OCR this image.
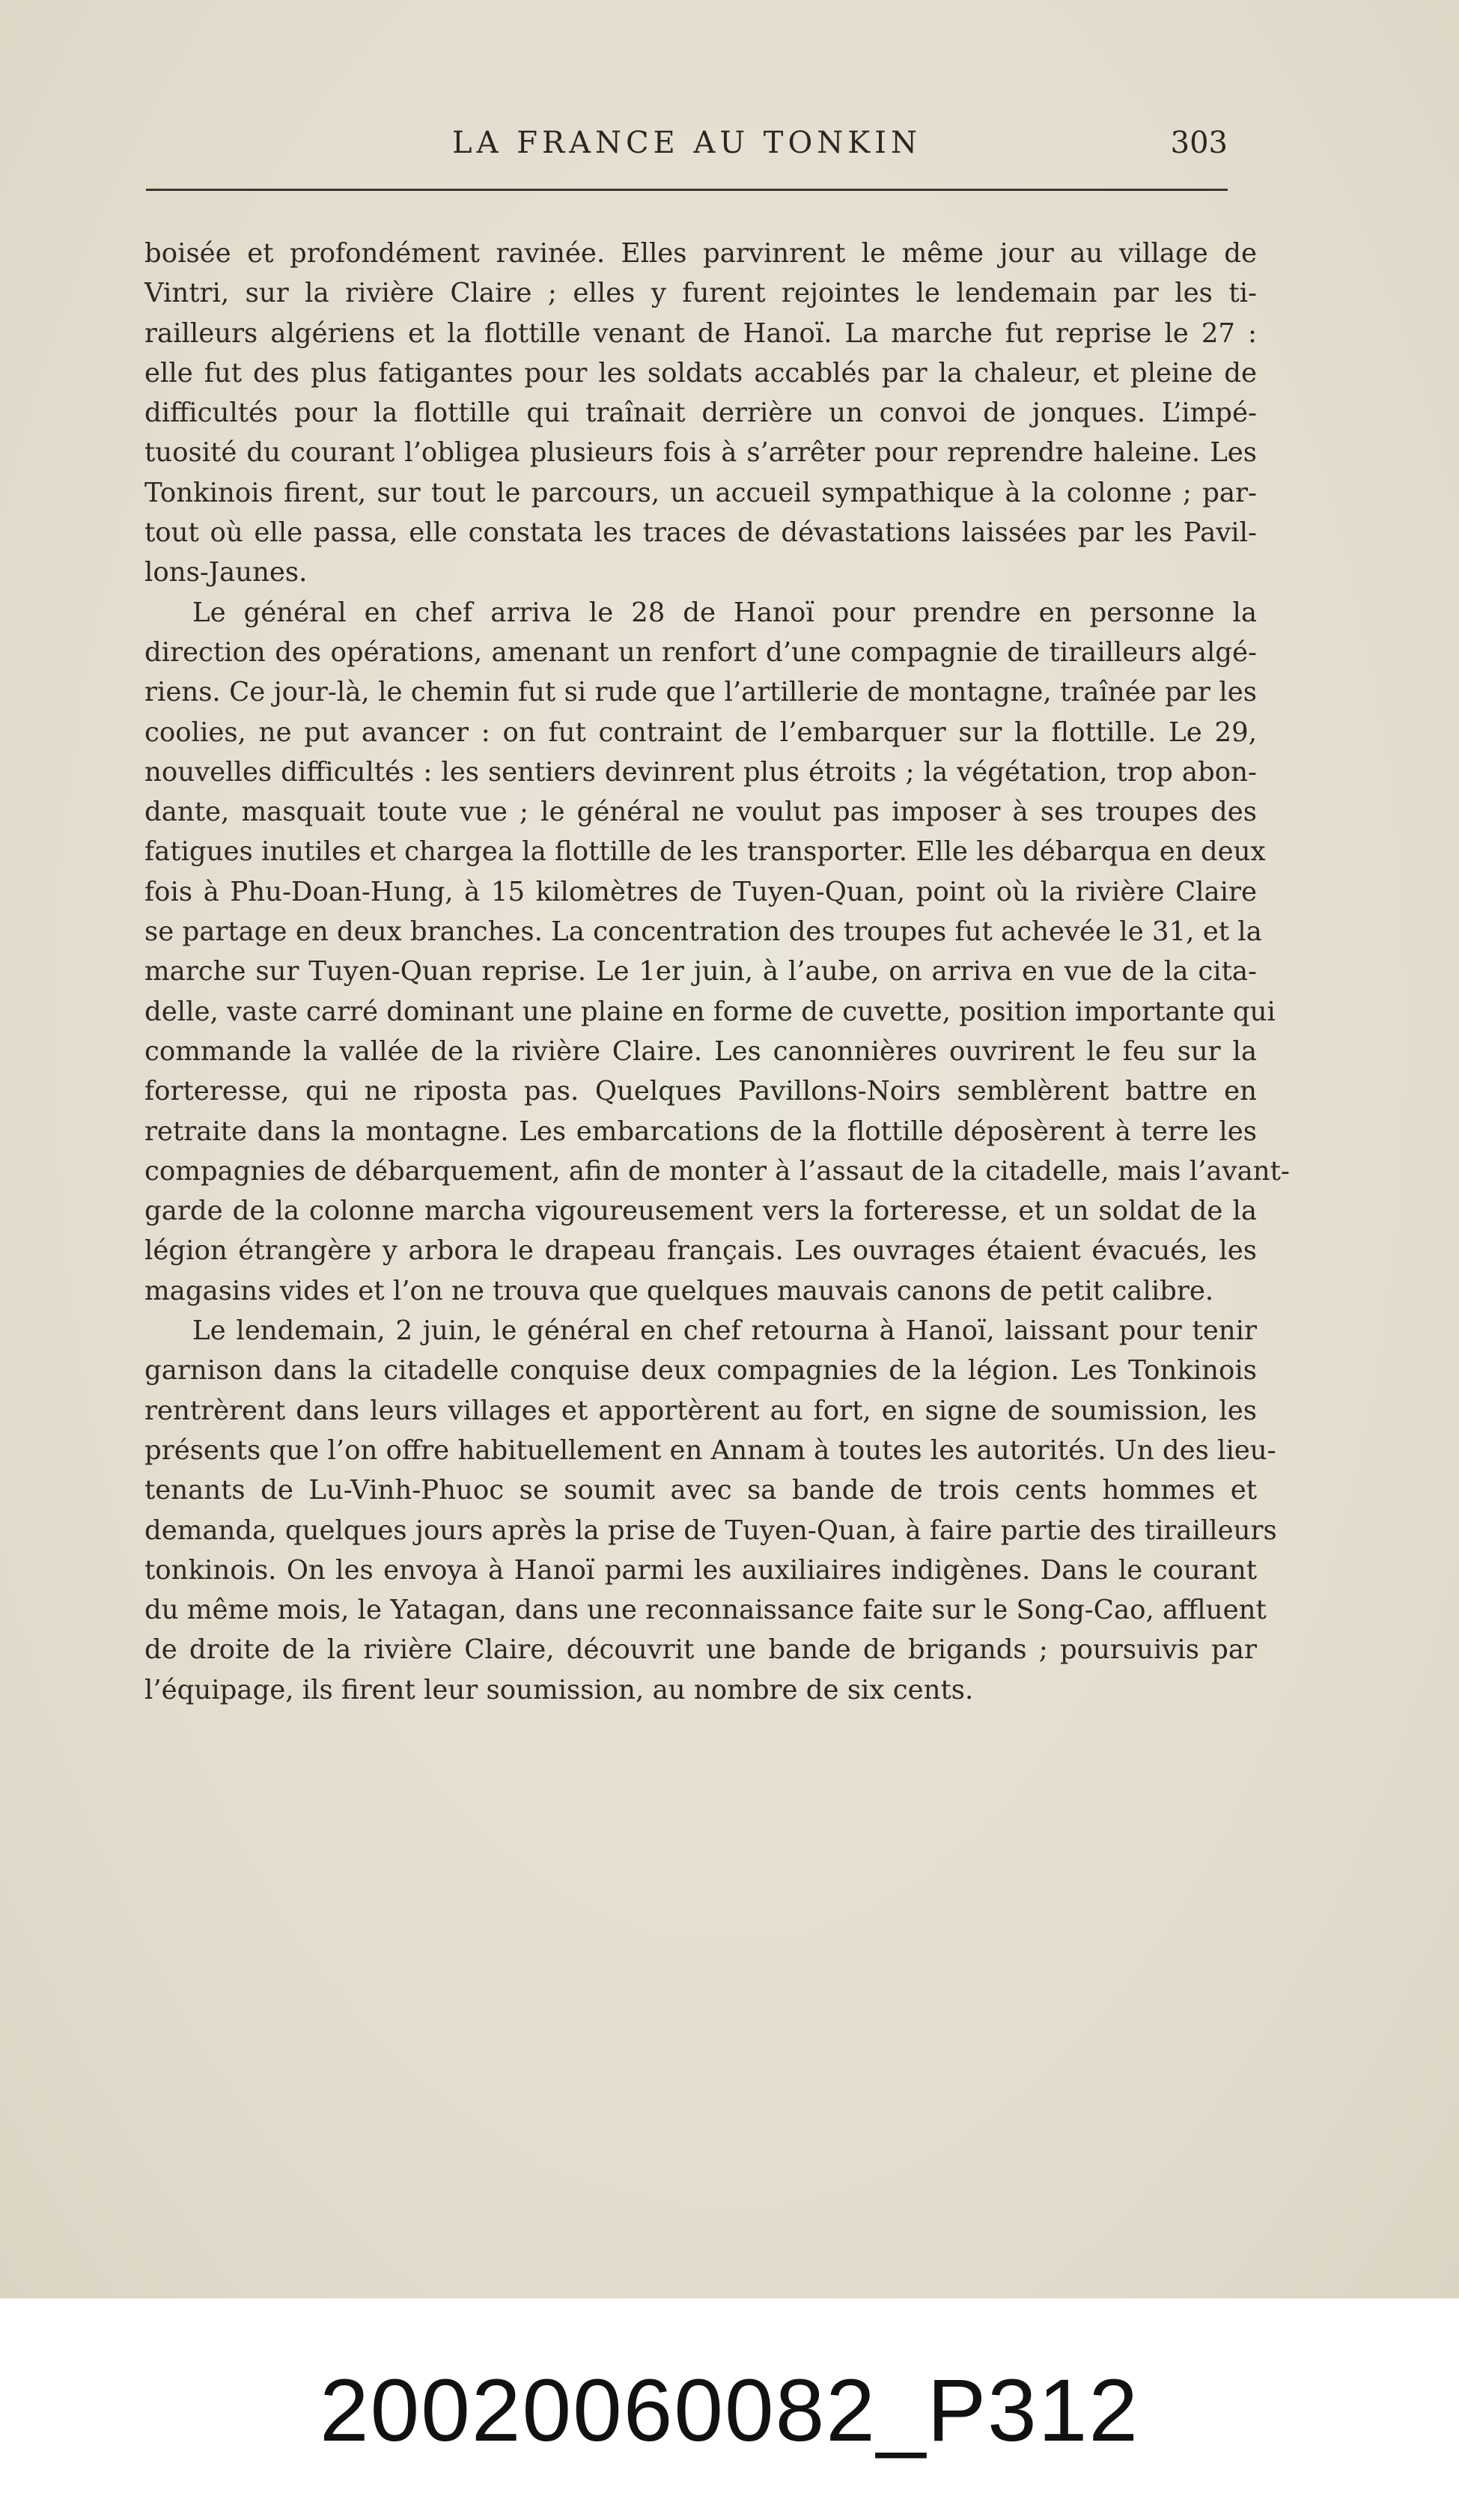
LA FRANCE AU TONKIN	303
boisée et profondément ravinée. Elles parvinrent le même jour au village de
Vintri, sur la rivière Claire ; elles y furent rejointes le lendemain par les ti-
railleurs algériens et la flottille venant de Hanoï. La marche fut reprise le 27 :
elle fut des plus fatigantes pour les soldats accablés par la chaleur, et pleine de
difficultés pour la flottille qui traînait derrière un convoi de jonques. L’impé-
tuosité du courant l’obligea plusieurs fois à s’arrêter pour reprendre haleine. Les
Tonkinois firent, sur tout le parcours, un accueil sympathique à la colonne ; par-
tout où elle passa, elle constata les traces de dévastations laissées par les Pavil-
lons-Jaunes.
Le général en chef arriva le 28 de Hanoï pour prendre en personne la
direction des opérations, amenant un renfort d’une compagnie de tirailleurs algé-
riens. Ce jour-là, le chemin fut si rude que l’artillerie de montagne, traînée par les
coolies, ne put avancer : on fut contraint de l’embarquer sur la flottille. Le 29,
nouvelles difficultés : les sentiers devinrent plus étroits ; la végétation, trop abon-
dante, masquait toute vue ; le général ne voulut pas imposer à ses troupes des
fatigues inutiles et chargea la flottille de les transporter. Elle les débarqua en deux
fois à Phu-Doan-Hung, à 15 kilomètres de Tuyen-Quan, point où la rivière Claire
se partage en deux branches. La concentration des troupes fut achevée le 31, et la
marche sur Tuyen-Quan reprise. Le 1er juin, à l’aube, on arriva en vue de la cita-
delle, vaste carré dominant une plaine en forme de cuvette, position importante qui
commande la vallée de la rivière Claire. Les canonnières ouvrirent le feu sur la
forteresse, qui ne riposta pas. Quelques Pavillons-Noirs semblèrent battre en
retraite dans la montagne. Les embarcations de la flottille déposèrent à terre les
compagnies de débarquement, afin de monter à l’assaut de la citadelle, mais l’avant-
garde de la colonne marcha vigoureusement vers la forteresse, et un soldat de la
légion étrangère y arbora le drapeau français. Les ouvrages étaient évacués, les
magasins vides et l’on ne trouva que quelques mauvais canons de petit calibre.
Le lendemain, 2 juin, le général en chef retourna à Hanoï, laissant pour tenir
garnison dans la citadelle conquise deux compagnies de la légion. Les Tonkinois
rentrèrent dans leurs villages et apportèrent au fort, en signe de soumission, les
présents que l’on offre habituellement en Annam à toutes les autorités. Un des lieu-
tenants de Lu-Vinh-Phuoc se soumit avec sa bande de trois cents hommes et
demanda, quelques jours après la prise de Tuyen-Quan, à faire partie des tirailleurs
tonkinois. On les envoya à Hanoï parmi les auxiliaires indigènes. Dans le courant
du même mois, le Yatagan, dans une reconnaissance faite sur le Song-Cao, affluent
de droite de la rivière Claire, découvrit une bande de brigands ; poursuivis par
l’équipage, ils firent leur soumission, au nombre de six cents.
20020060082_P312
